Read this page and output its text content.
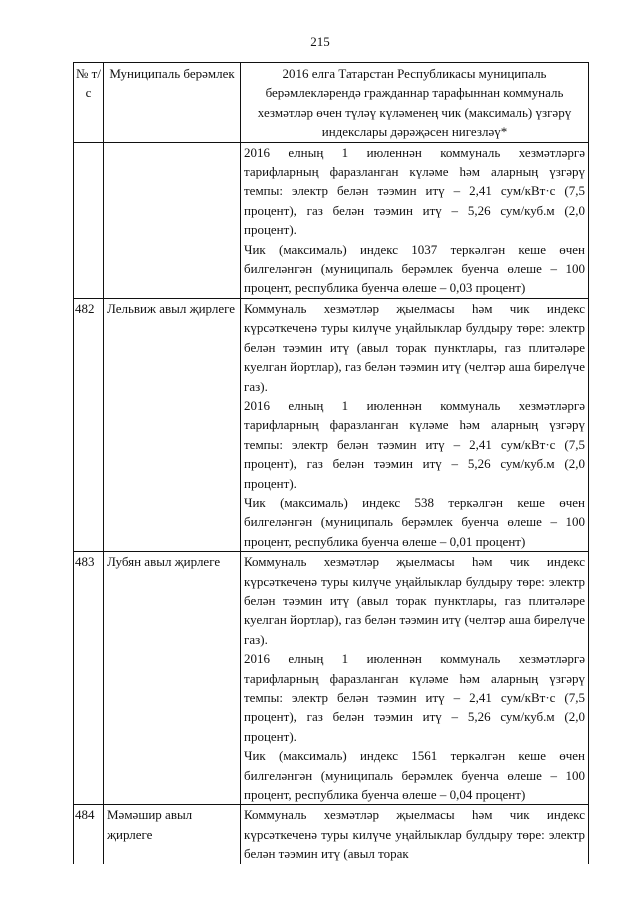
215
№ т/с	Муниципаль берәмлек	2016 елга Татарстан Республикасы муниципаль берәмлекләрендә гражданнар тарафыннан коммуналь хезмәтләр өчен түләү күләменең чик (максималь) үзгәрү индекслары дәрәҗәсен нигезләү*

		2016 елның 1 июленнән коммуналь хезмәтләргә тарифларның фаразланган күләме һәм аларның үзгәрү темпы: электр белән тәэмин итү – 2,41 сум/кВт·с (7,5 процент), газ белән тәэмин итү – 5,26 сум/куб.м (2,0 процент).

Чик (максималь) индекс 1037 теркәлгән кеше өчен билгеләнгән (муниципаль берәмлек буенча өлеше – 100 процент, республика буенча өлеше – 0,03 процент)

482	Лельвиж авыл җирлеге	Коммуналь хезмәтләр җыелмасы һәм чик индекс күрсәткеченә туры килүче уңайлыклар булдыру төре: электр белән тәэмин итү (авыл торак пунктлары, газ плитәләре куелган йортлар), газ белән тәэмин итү (челтәр аша бирелүче газ).

2016 елның 1 июленнән коммуналь хезмәтләргә тарифларның фаразланган күләме һәм аларның үзгәрү темпы: электр белән тәэмин итү – 2,41 сум/кВт·с (7,5 процент), газ белән тәэмин итү – 5,26 сум/куб.м (2,0 процент).

Чик (максималь) индекс 538 теркәлгән кеше өчен билгеләнгән (муниципаль берәмлек буенча өлеше – 100 процент, республика буенча өлеше – 0,01 процент)

483	Лубян авыл җирлеге	Коммуналь хезмәтләр җыелмасы һәм чик индекс күрсәткеченә туры килүче уңайлыклар булдыру төре: электр белән тәэмин итү (авыл торак пунктлары, газ плитәләре куелган йортлар), газ белән тәэмин итү (челтәр аша бирелүче газ).

2016 елның 1 июленнән коммуналь хезмәтләргә тарифларның фаразланган күләме һәм аларның үзгәрү темпы: электр белән тәэмин итү – 2,41 сум/кВт·с (7,5 процент), газ белән тәэмин итү – 5,26 сум/куб.м (2,0 процент).

Чик (максималь) индекс 1561 теркәлгән кеше өчен билгеләнгән (муниципаль берәмлек буенча өлеше – 100 процент, республика буенча өлеше – 0,04 процент)

484	Мәмәшир авыл җирлеге	Коммуналь хезмәтләр җыелмасы һәм чик индекс күрсәткеченә туры килүче уңайлыклар булдыру төре: электр белән тәэмин итү (авыл торак
